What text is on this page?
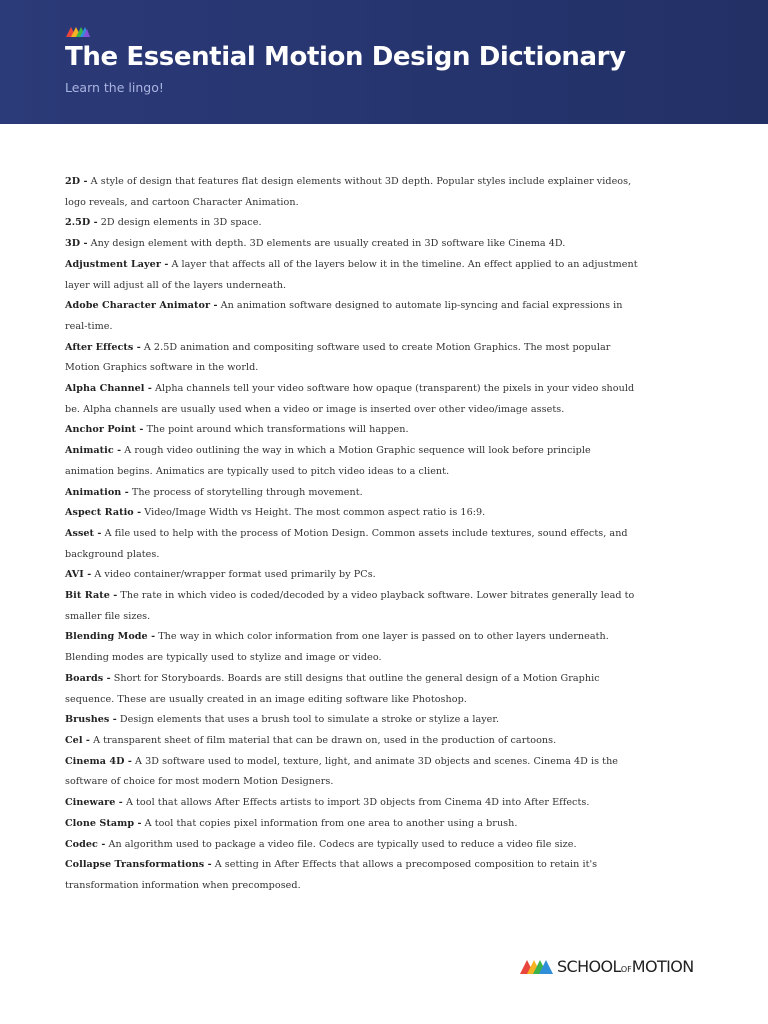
The Essential Motion Design Dictionary
Learn the lingo!

2D - A style of design that features flat design elements without 3D depth. Popular styles include explainer videos, logo reveals, and cartoon Character Animation.

2.5D - 2D design elements in 3D space.

3D - Any design element with depth. 3D elements are usually created in 3D software like Cinema 4D.

Adjustment Layer - A layer that affects all of the layers below it in the timeline. An effect applied to an adjustment layer will adjust all of the layers underneath.

Adobe Character Animator - An animation software designed to automate lip-syncing and facial expressions in real-time.

After Effects - A 2.5D animation and compositing software used to create Motion Graphics. The most popular Motion Graphics software in the world.

Alpha Channel - Alpha channels tell your video software how opaque (transparent) the pixels in your video should be. Alpha channels are usually used when a video or image is inserted over other video/image assets.

Anchor Point - The point around which transformations will happen.

Animatic - A rough video outlining the way in which a Motion Graphic sequence will look before principle animation begins. Animatics are typically used to pitch video ideas to a client.

Animation - The process of storytelling through movement.

Aspect Ratio - Video/Image Width vs Height. The most common aspect ratio is 16:9.

Asset - A file used to help with the process of Motion Design. Common assets include textures, sound effects, and background plates.

AVI - A video container/wrapper format used primarily by PCs.

Bit Rate - The rate in which video is coded/decoded by a video playback software. Lower bitrates generally lead to smaller file sizes.

Blending Mode - The way in which color information from one layer is passed on to other layers underneath. Blending modes are typically used to stylize and image or video.

Boards - Short for Storyboards. Boards are still designs that outline the general design of a Motion Graphic sequence. These are usually created in an image editing software like Photoshop.

Brushes - Design elements that uses a brush tool to simulate a stroke or stylize a layer.

Cel - A transparent sheet of film material that can be drawn on, used in the production of cartoons.

Cinema 4D - A 3D software used to model, texture, light, and animate 3D objects and scenes. Cinema 4D is the software of choice for most modern Motion Designers.

Cineware - A tool that allows After Effects artists to import 3D objects from Cinema 4D into After Effects.

Clone Stamp - A tool that copies pixel information from one area to another using a brush.

Codec - An algorithm used to package a video file. Codecs are typically used to reduce a video file size.

Collapse Transformations - A setting in After Effects that allows a precomposed composition to retain it's transformation information when precomposed.

SCHOOLOFMOTION
